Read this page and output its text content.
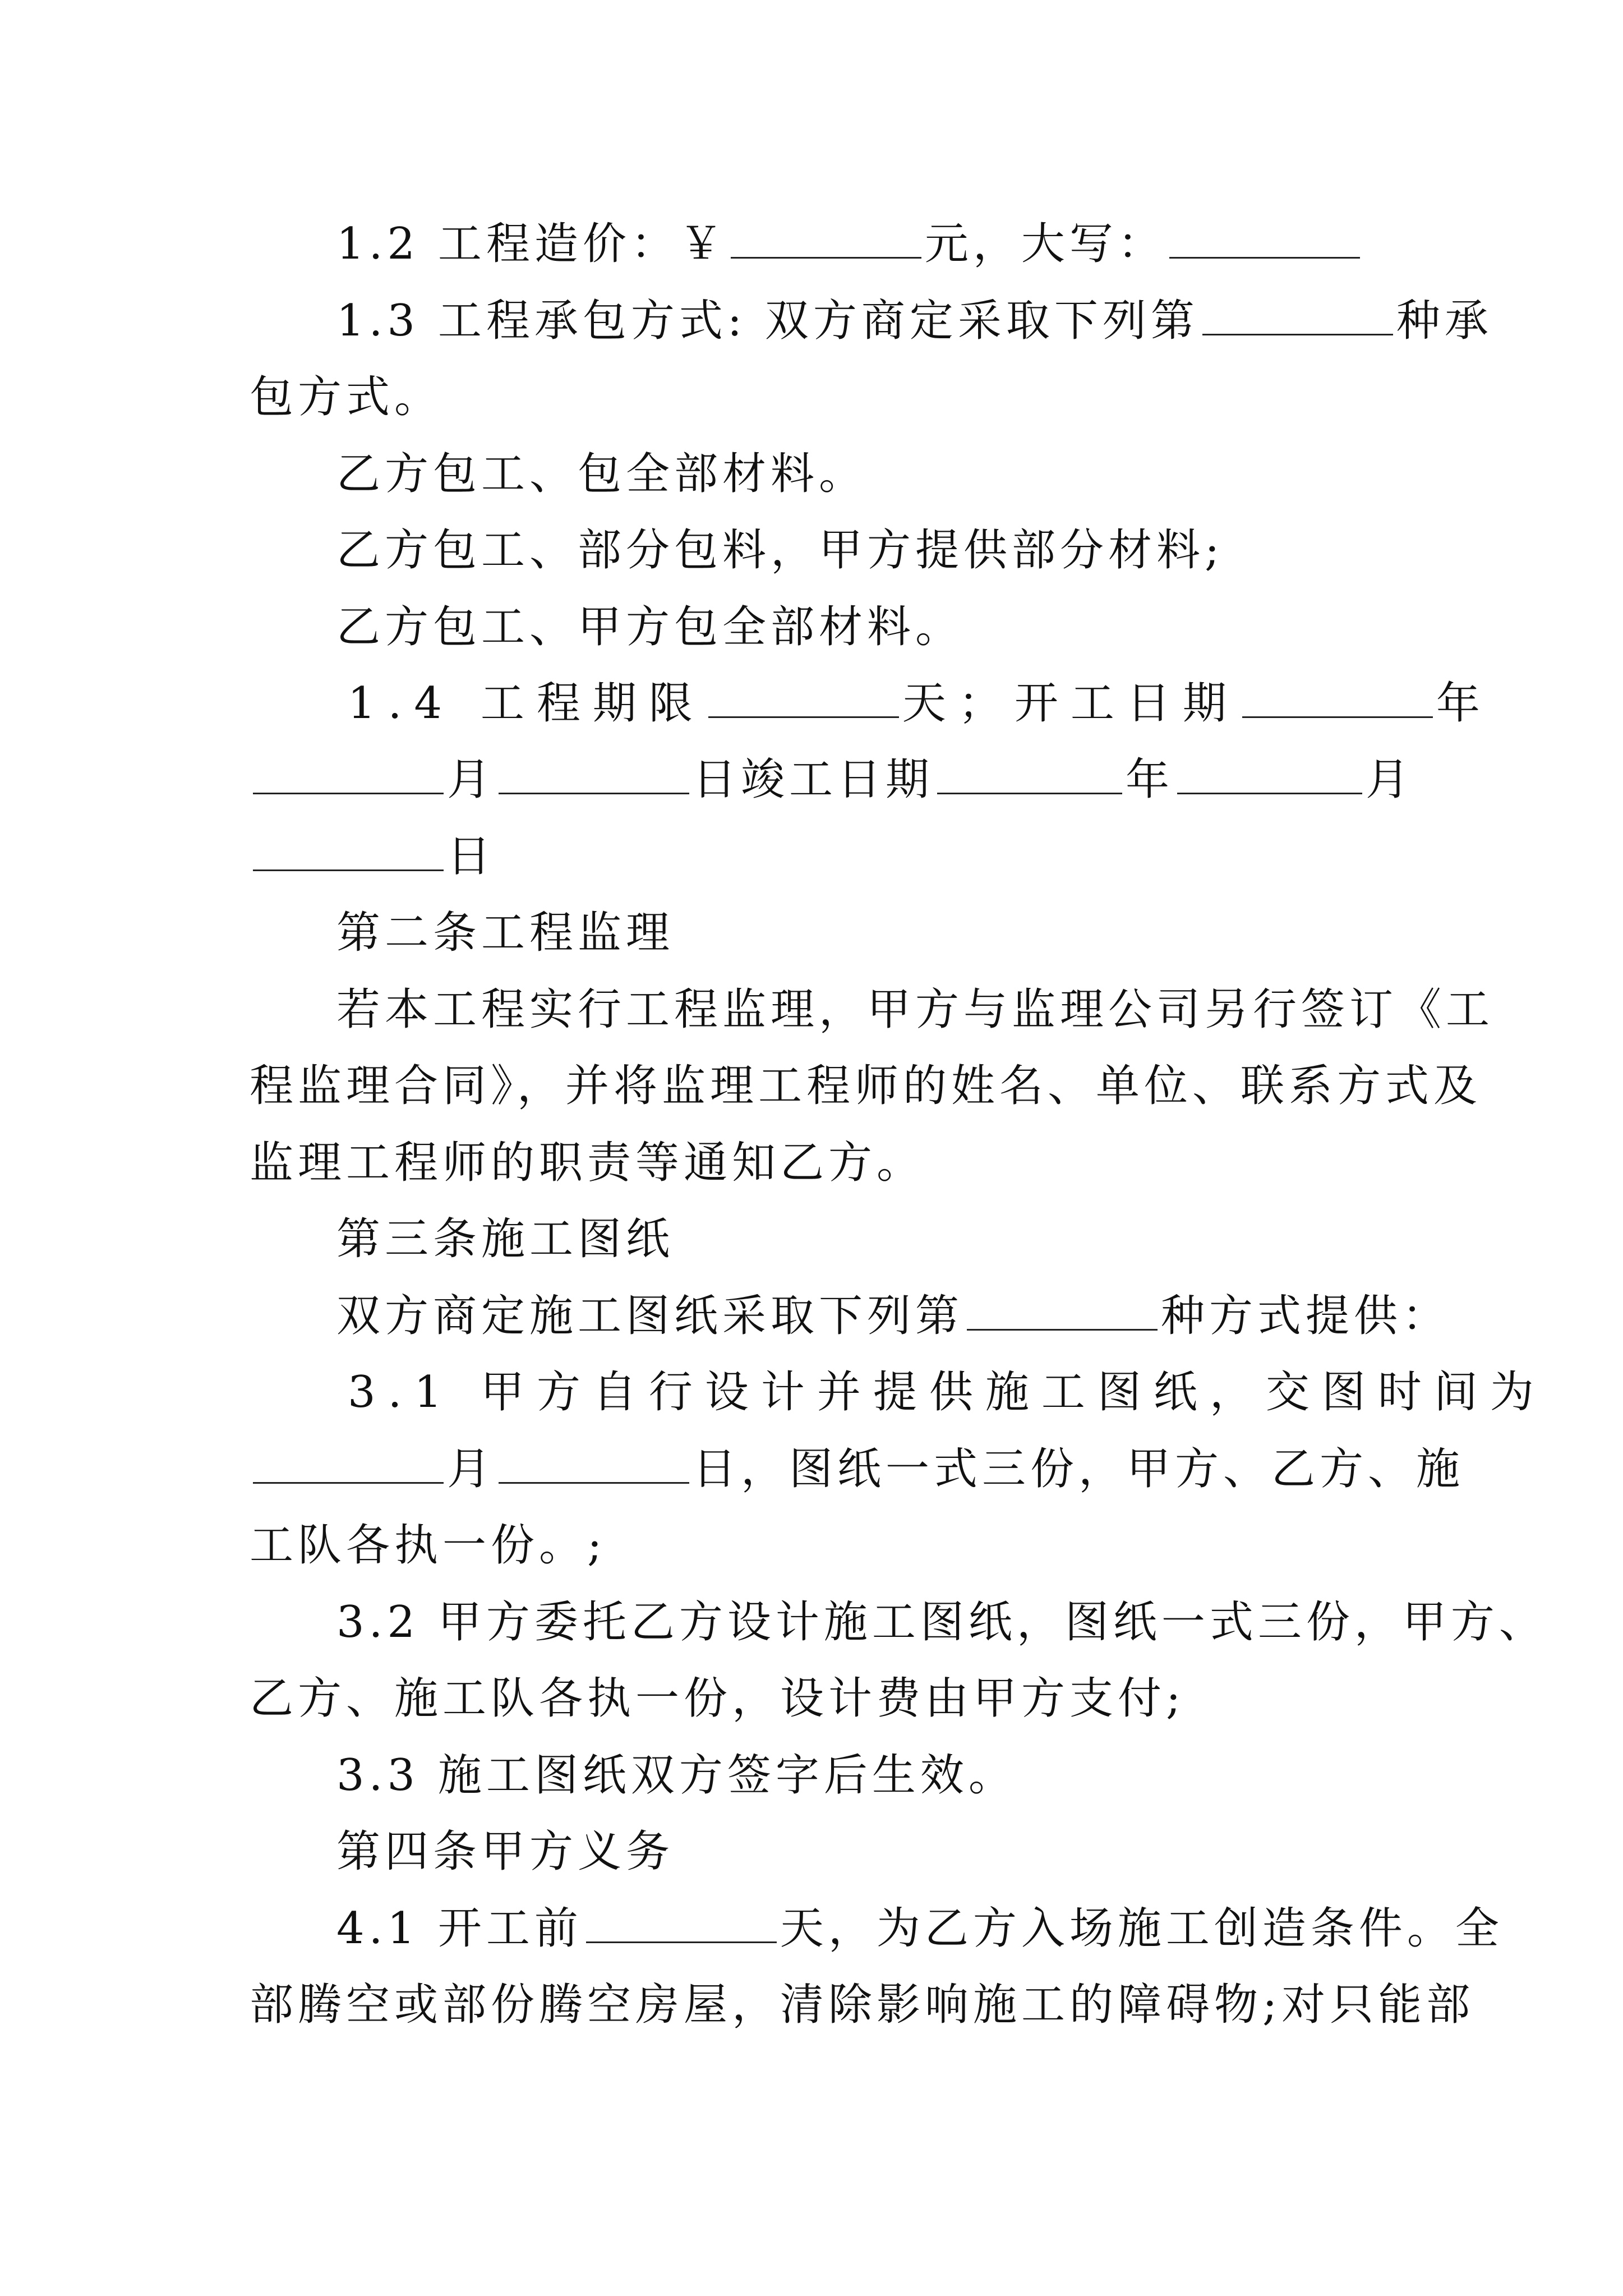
1.2 工程造价：￥	元，大写：
1.3 工程承包方式: 双方商定采取下列第	种承
包方式。
乙方包工、包全部材料。
乙方包工、部分包料，甲方提供部分材料;
乙方包工、甲方包全部材料。
1.4 工程期限	天；开工日期	年
月	日竣工日期	年	月
日
第二条工程监理
若本工程实行工程监理，甲方与监理公司另行签订《工
程监理合同》，并将监理工程师的姓名、单位、联系方式及
监理工程师的职责等通知乙方。
第三条施工图纸
双方商定施工图纸采取下列第	种方式提供：
3.1 甲方自行设计并提供施工图纸，交图时间为
月	日，图纸一式三份，甲方、乙方、施
工队各执一份。;
3.2 甲方委托乙方设计施工图纸，图纸一式三份，甲方、
乙方、施工队各执一份，设计费由甲方支付;
3.3 施工图纸双方签字后生效。
第四条甲方义务
4.1 开工前	天，为乙方入场施工创造条件。全
部腾空或部份腾空房屋，清除影响施工的障碍物;对只能部
